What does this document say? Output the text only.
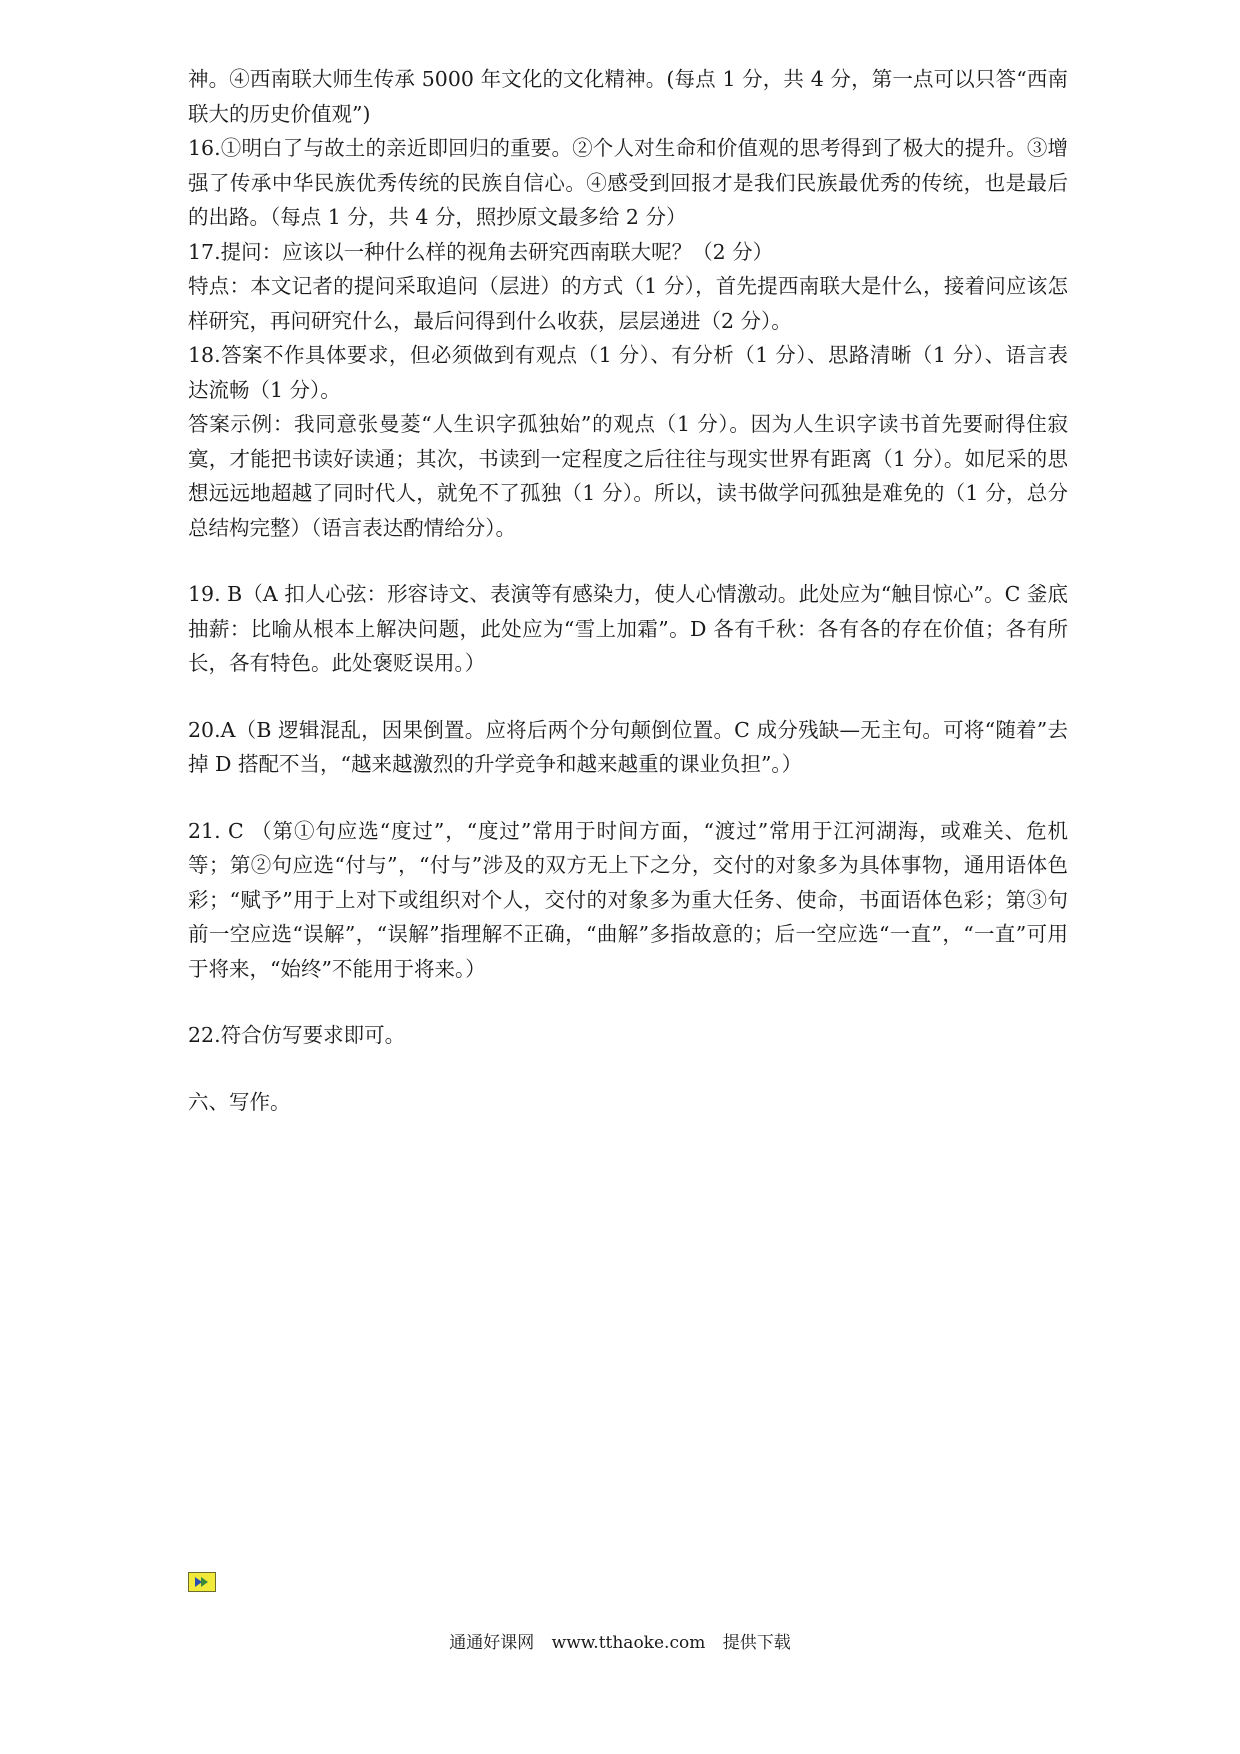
神。④西南联大师生传承 5000 年文化的文化精神。(每点 1 分，共 4 分，第一点可以只答“西南联大的历史价值观”)

16.①明白了与故土的亲近即回归的重要。②个人对生命和价值观的思考得到了极大的提升。③增强了传承中华民族优秀传统的民族自信心。④感受到回报才是我们民族最优秀的传统，也是最后的出路。（每点 1 分，共 4 分，照抄原文最多给 2 分）

17.提问：应该以一种什么样的视角去研究西南联大呢？（2 分）

特点：本文记者的提问采取追问（层进）的方式（1 分），首先提西南联大是什么，接着问应该怎样研究，再问研究什么，最后问得到什么收获，层层递进（2 分）。

18.答案不作具体要求，但必须做到有观点（1 分）、有分析（1 分）、思路清晰（1 分）、语言表达流畅（1 分）。

答案示例：我同意张曼菱“人生识字孤独始”的观点（1 分）。因为人生识字读书首先要耐得住寂寞，才能把书读好读通；其次，书读到一定程度之后往往与现实世界有距离（1 分）。如尼采的思想远远地超越了同时代人，就免不了孤独（1 分）。所以，读书做学问孤独是难免的（1 分，总分总结构完整）（语言表达酌情给分）。

19. B（A 扣人心弦：形容诗文、表演等有感染力，使人心情激动。此处应为“触目惊心”。C 釜底抽薪：比喻从根本上解决问题，此处应为“雪上加霜”。D 各有千秋：各有各的存在价值；各有所长，各有特色。此处褒贬误用。）

20.A（B 逻辑混乱，因果倒置。应将后两个分句颠倒位置。C 成分残缺—无主句。可将“随着”去掉 D 搭配不当，“越来越激烈的升学竞争和越来越重的课业负担”。）

21. C （第①句应选“度过”，“度过”常用于时间方面，“渡过”常用于江河湖海，或难关、危机等；第②句应选“付与”，“付与”涉及的双方无上下之分，交付的对象多为具体事物，通用语体色彩；“赋予”用于上对下或组织对个人，交付的对象多为重大任务、使命，书面语体色彩；第③句前一空应选“误解”，“误解”指理解不正确，“曲解”多指故意的；后一空应选“一直”，“一直”可用于将来，“始终”不能用于将来。）

22.符合仿写要求即可。

六、写作。

通通好课网 www.tthaoke.com 提供下载
